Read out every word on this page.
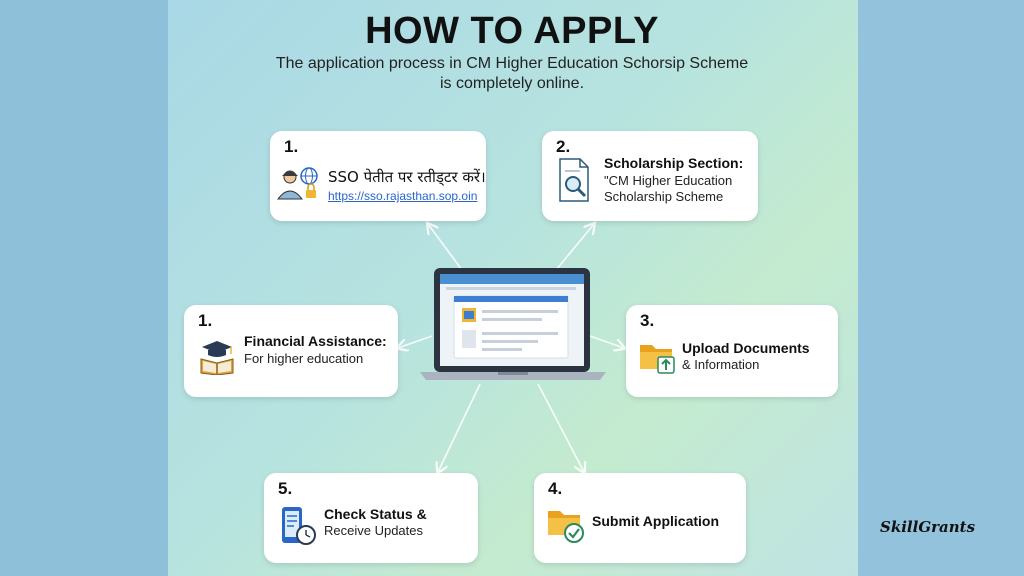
HOW TO APPLY
The application process in CM Higher Education Schorsip Scheme
is completely online.
1.
SSO पेतीत पर रतीड्टर करें।
https://sso.rajasthan.sop.oin
2.
Scholarship Section:
"CM Higher Education
Scholarship Scheme
1.
Financial Assistance:
For higher education
3.
Upload Documents
& Information
5.
Check Status &
Receive Updates
4.
Submit Application	SkillGrants
